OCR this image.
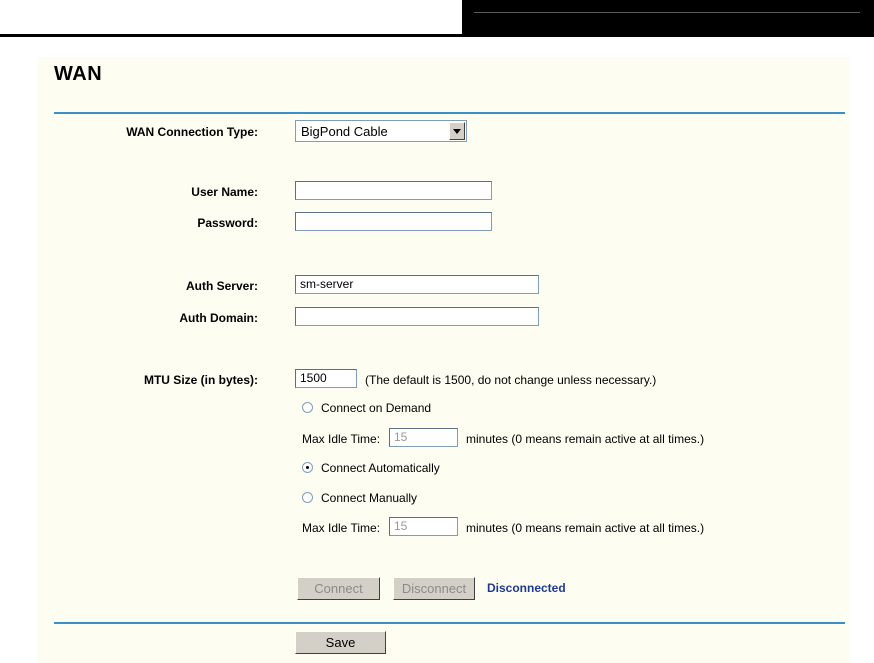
WAN
WAN Connection Type:	BigPond Cable
User Name:
Password:
Auth Server:	sm-server
Auth Domain:
MTU Size (in bytes):	1500	(The default is 1500, do not change unless necessary.)
Connect on Demand
Max Idle Time:	15	minutes (0 means remain active at all times.)
Connect Automatically
Connect Manually
Max Idle Time:	15	minutes (0 means remain active at all times.)
Connect	Disconnect	Disconnected
Save
